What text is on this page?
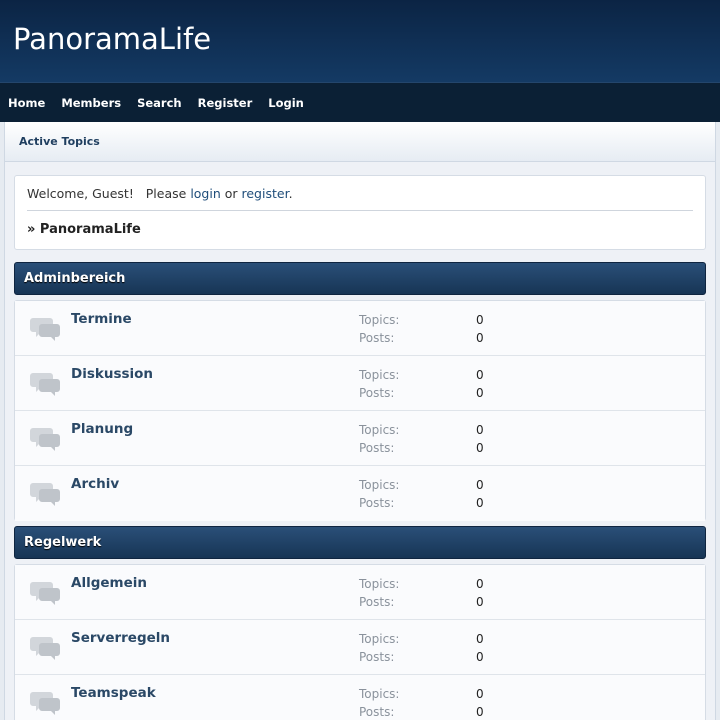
PanoramaLife
Home Members Search Register Login
Active Topics
Welcome, Guest!   Please login or register.
» PanoramaLife
Adminbereich
Termine	Topics:	0
Posts:	0
Diskussion	Topics:	0
Posts:	0
Planung	Topics:	0
Posts:	0
Archiv	Topics:	0
Posts:	0
Regelwerk
Allgemein	Topics:	0
Posts:	0
Serverregeln	Topics:	0
Posts:	0
Teamspeak	Topics:	0
Posts:	0
